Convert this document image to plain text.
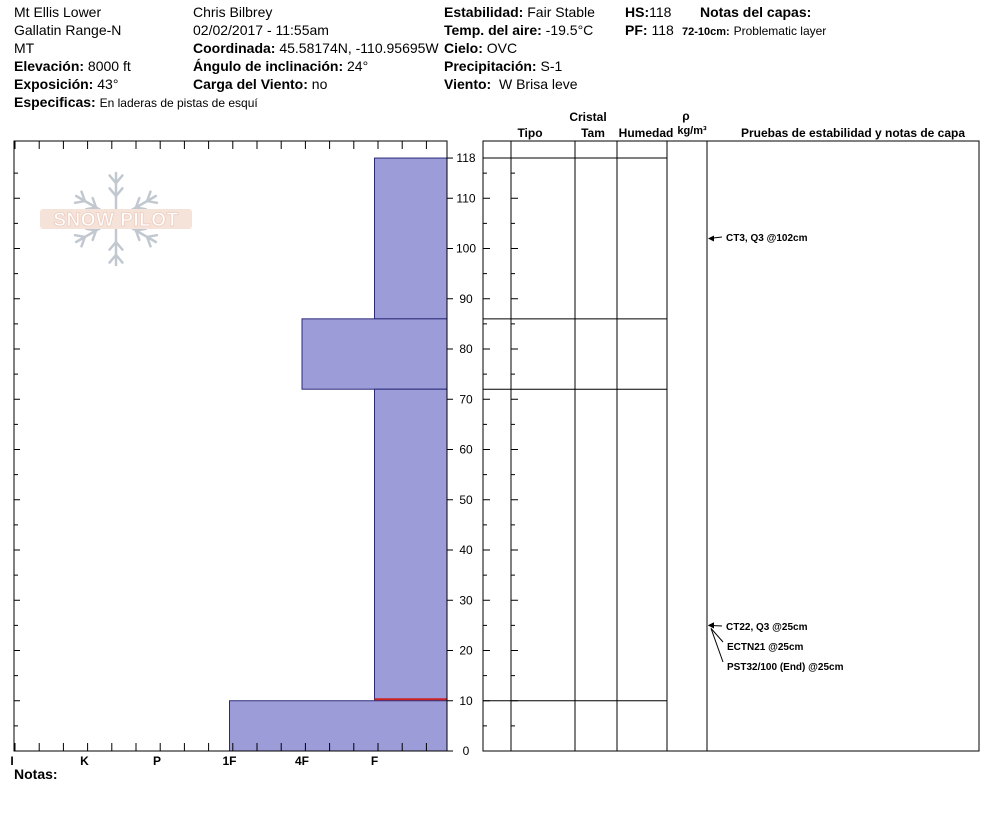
Mt Ellis Lower
Gallatin Range-N
MT
Elevación: 8000 ft
Exposición: 43°
Especificas: En laderas de pistas de esquí
Chris Bilbrey
02/02/2017 - 11:55am
Coordinada: 45.58174N, -110.95695W
Ángulo de inclinación: 24°
Carga del Viento: no
Estabilidad: Fair Stable
Temp. del aire: -19.5°C
Cielo: OVC
Precipitación: S-1
Viento: W Brisa leve
HS:118
PF: 118
Notas del capas:
72-10cm: Problematic layer
SNOW PILOT
I	K	P	1F	4F	F
0
10
20
30
40
50
60
70
80
90
100
110
118
CT3, Q3 @102cm
CT22, Q3 @25cm
ECTN21 @25cm
PST32/100 (End) @25cm
Cristal
Tipo	Tam Humedad
ρ
kg/m³	Pruebas de estabilidad y notas de capa
Notas:
